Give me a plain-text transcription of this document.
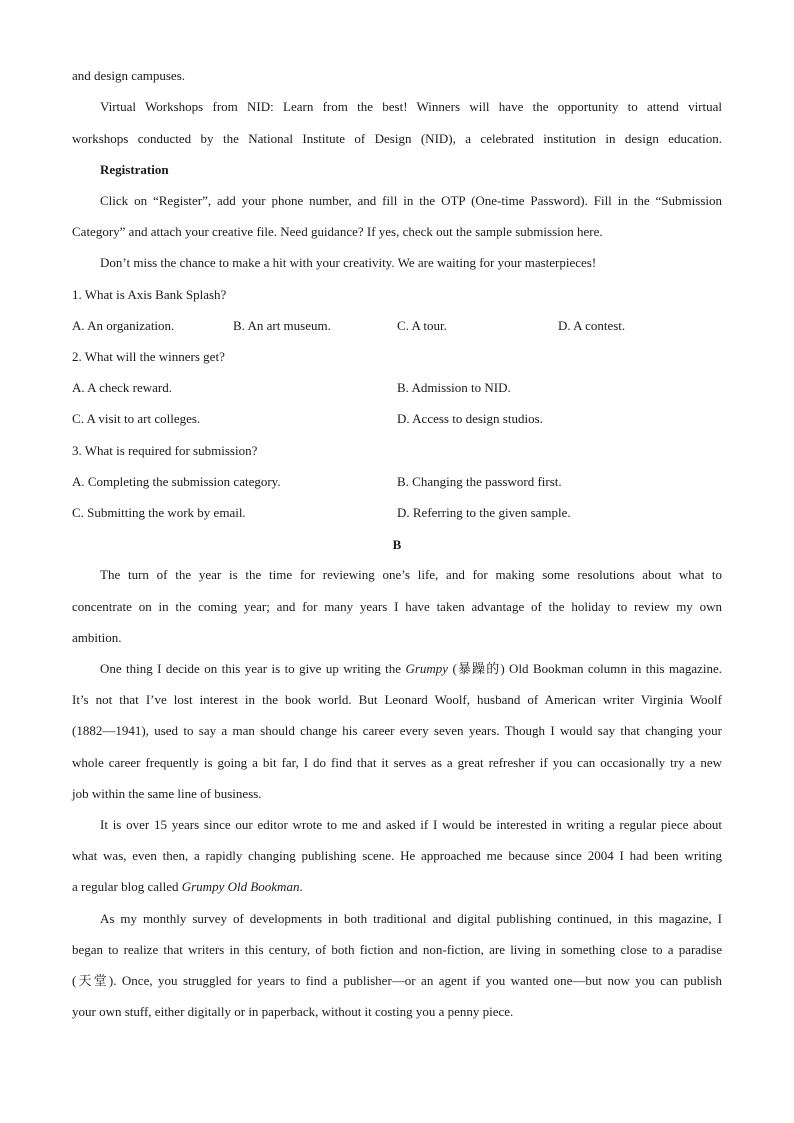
and design campuses.
Virtual Workshops from NID: Learn from the best! Winners will have the opportunity to attend virtual
workshops conducted by the National Institute of Design (NID), a celebrated institution in design education.
Registration
Click on “Register”, add your phone number, and fill in the OTP (One-time Password). Fill in the “Submission
Category” and attach your creative file. Need guidance? If yes, check out the sample submission here.
Don’t miss the chance to make a hit with your creativity. We are waiting for your masterpieces!
1. What is Axis Bank Splash?
A. An organization.	B. An art museum.	C. A tour.	D. A contest.
2. What will the winners get?
A. A check reward.	B. Admission to NID.
C. A visit to art colleges.	D. Access to design studios.
3. What is required for submission?
A. Completing the submission category.	B. Changing the password first.
C. Submitting the work by email.	D. Referring to the given sample.
B
The turn of the year is the time for reviewing one’s life, and for making some resolutions about what to
concentrate on in the coming year; and for many years I have taken advantage of the holiday to review my own
ambition.
One thing I decide on this year is to give up writing the Grumpy (暴躁的) Old Bookman column in this magazine.
It’s not that I’ve lost interest in the book world. But Leonard Woolf, husband of American writer Virginia Woolf
(1882—1941), used to say a man should change his career every seven years. Though I would say that changing your
whole career frequently is going a bit far, I do find that it serves as a great refresher if you can occasionally try a new
job within the same line of business.
It is over 15 years since our editor wrote to me and asked if I would be interested in writing a regular piece about
what was, even then, a rapidly changing publishing scene. He approached me because since 2004 I had been writing
a regular blog called Grumpy Old Bookman.
As my monthly survey of developments in both traditional and digital publishing continued, in this magazine, I
began to realize that writers in this century, of both fiction and non-fiction, are living in something close to a paradise
(天堂). Once, you struggled for years to find a publisher—or an agent if you wanted one—but now you can publish
your own stuff, either digitally or in paperback, without it costing you a penny piece.
